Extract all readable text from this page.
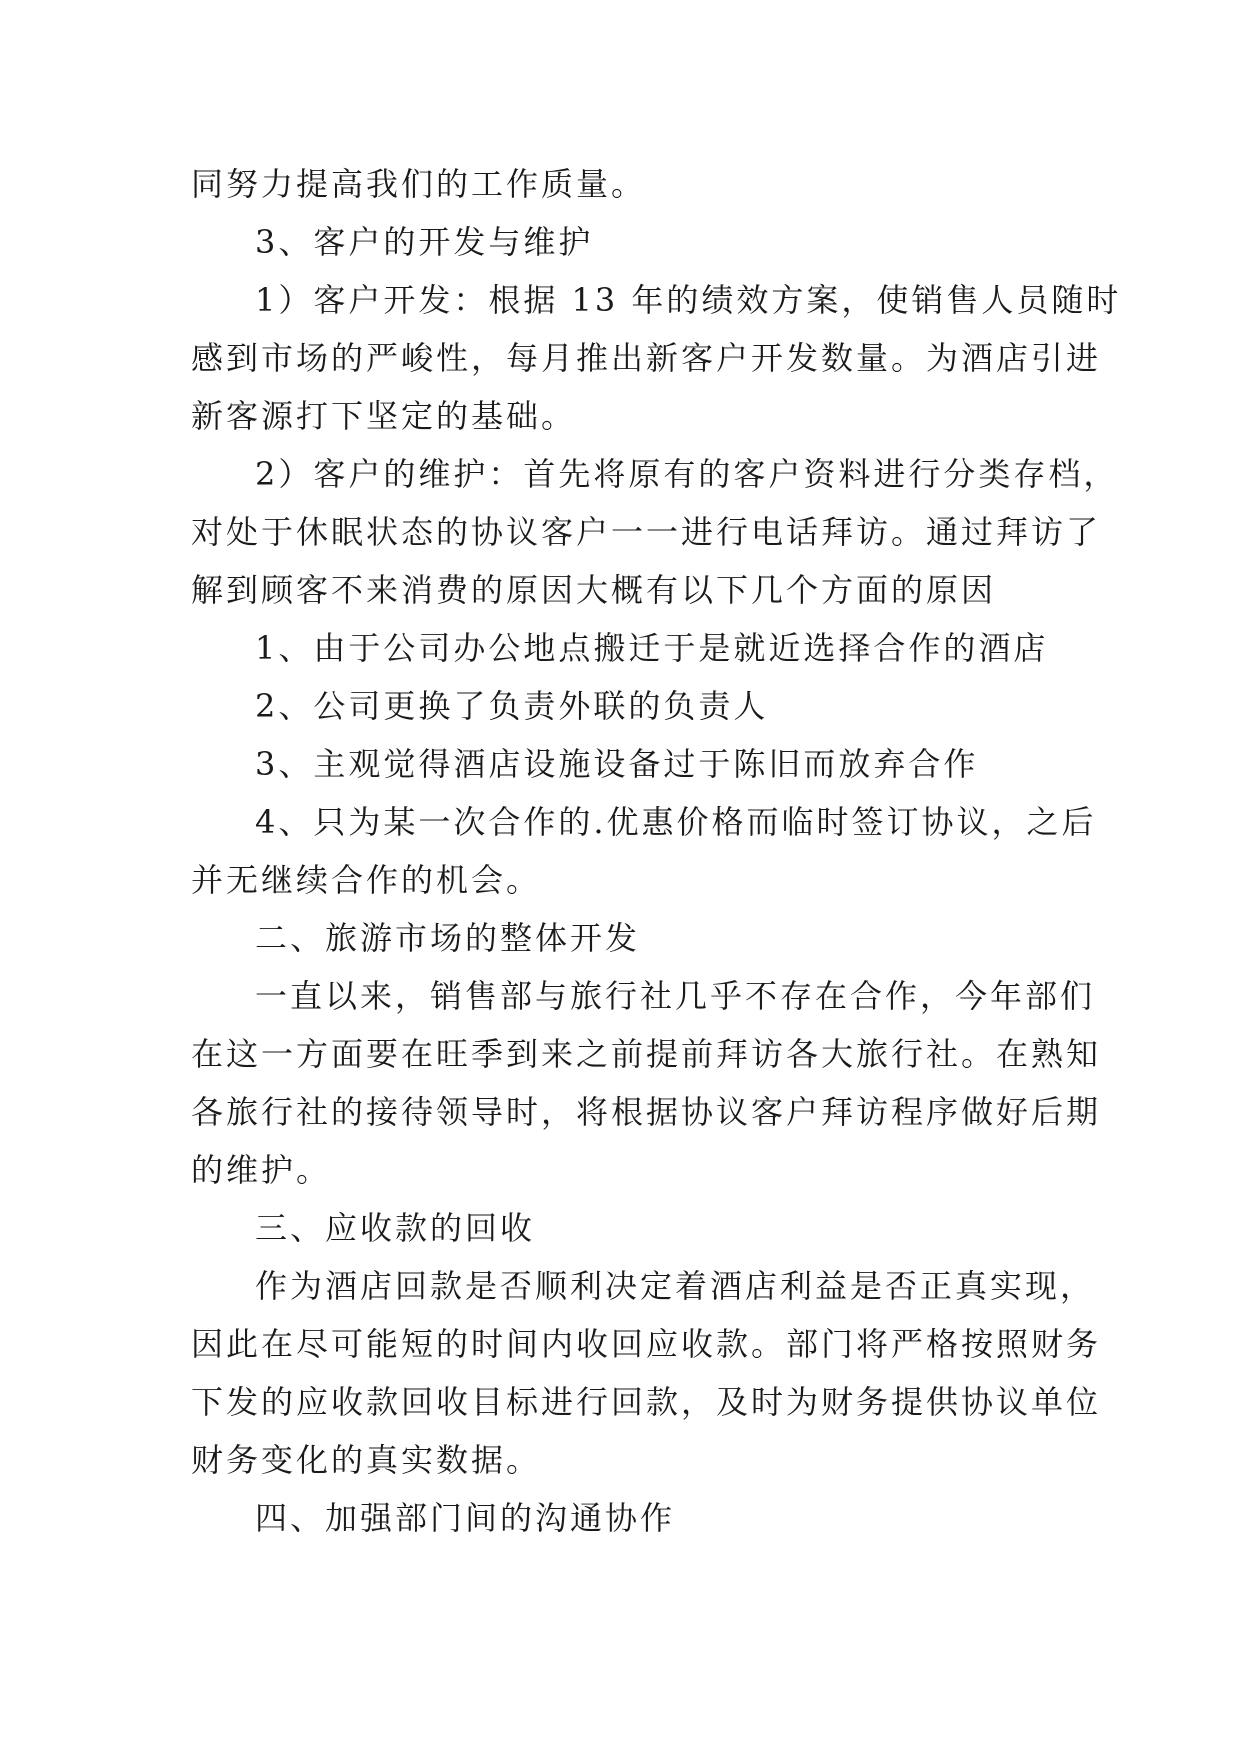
同努力提高我们的工作质量。
3、客户的开发与维护
1）客户开发：根据 13 年的绩效方案，使销售人员随时
感到市场的严峻性，每月推出新客户开发数量。为酒店引进
新客源打下坚定的基础。
2）客户的维护：首先将原有的客户资料进行分类存档，
对处于休眠状态的协议客户一一进行电话拜访。通过拜访了
解到顾客不来消费的原因大概有以下几个方面的原因
1、由于公司办公地点搬迁于是就近选择合作的酒店
2、公司更换了负责外联的负责人
3、主观觉得酒店设施设备过于陈旧而放弃合作
4、只为某一次合作的.优惠价格而临时签订协议，之后
并无继续合作的机会。
二、旅游市场的整体开发
一直以来，销售部与旅行社几乎不存在合作，今年部们
在这一方面要在旺季到来之前提前拜访各大旅行社。在熟知
各旅行社的接待领导时，将根据协议客户拜访程序做好后期
的维护。
三、应收款的回收
作为酒店回款是否顺利决定着酒店利益是否正真实现，
因此在尽可能短的时间内收回应收款。部门将严格按照财务
下发的应收款回收目标进行回款，及时为财务提供协议单位
财务变化的真实数据。
四、加强部门间的沟通协作
